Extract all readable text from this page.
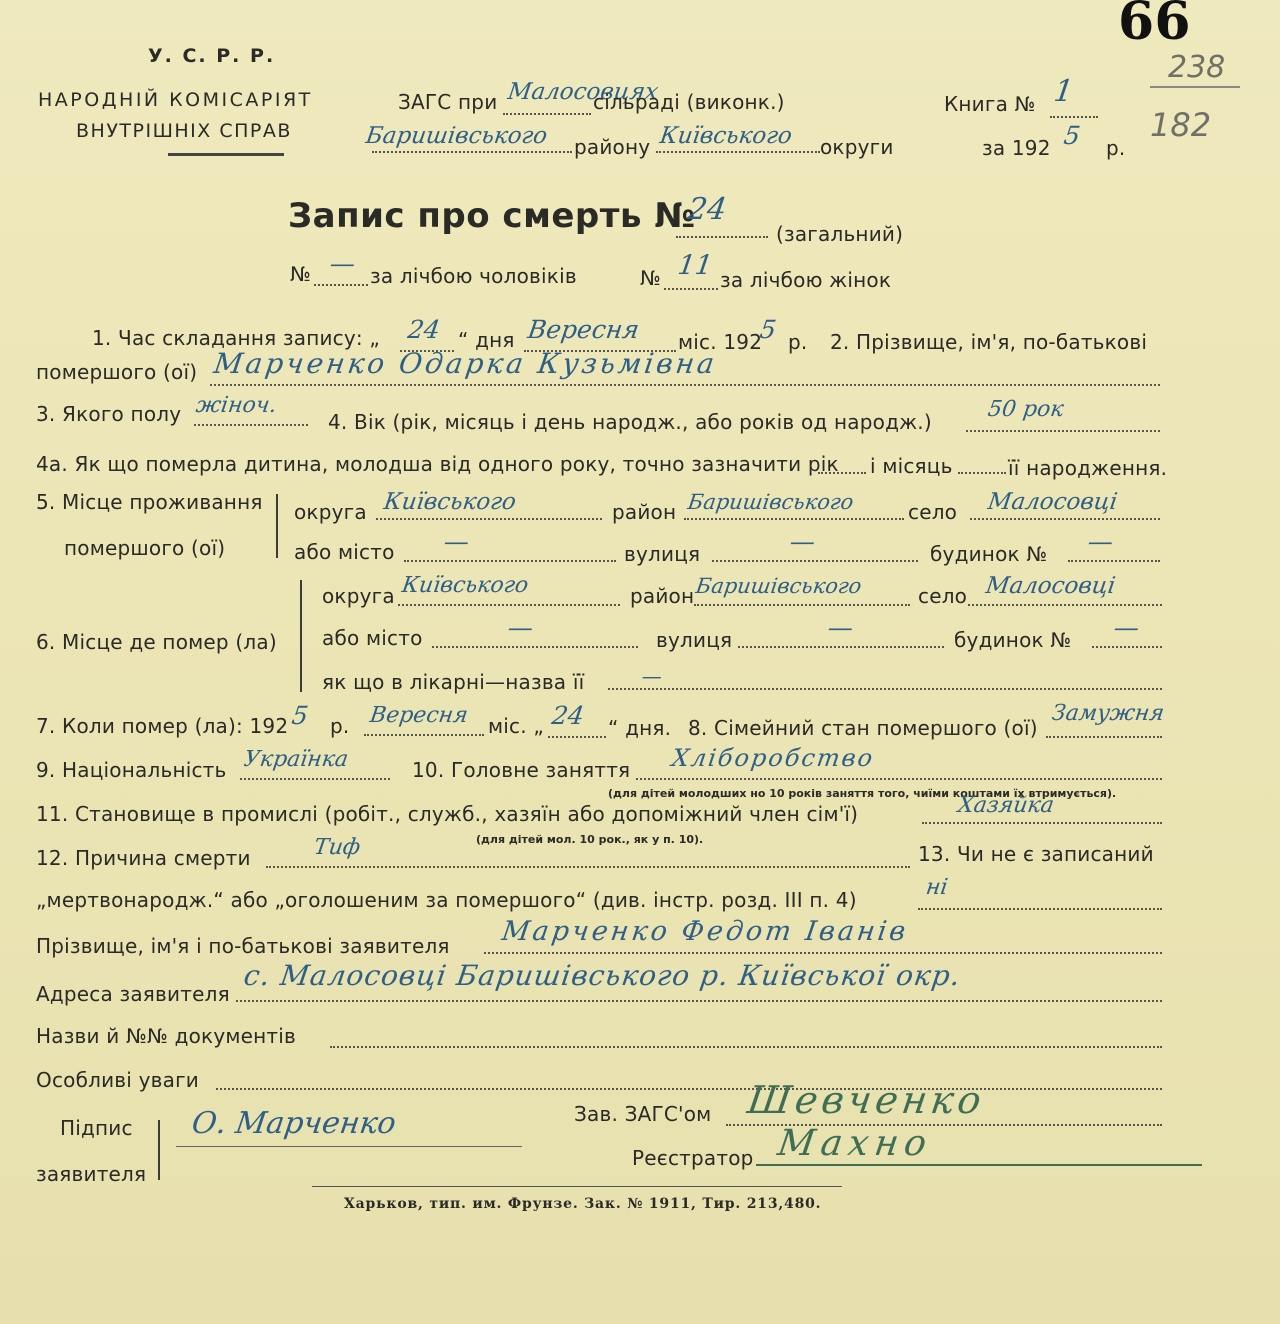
66
238
182
У. С. Р. Р.
НАРОДНІЙ КОМІСАРІЯТ
ВНУТРІШНІХ СПРАВ
ЗАГС при Малосовцях
сільраді (виконк.)	Книга № 1
Баришівського району Київського округи	за 192 5 р.
Запис про смерть №
24
(загальний)
№ — за лічбою чоловіків	№ 11 за лічбою жінок
1. Час складання запису: „ 24 “ дня Вересня міс. 192
5 р. 2. Прізвище, ім'я, по-батькові
помершого (ої) Марченко Одарка Кузьмівна
3. Якого полу жіноч.
4. Вік (рік, місяць і день народж., або років од народж.) 50 рок
4а. Як що померла дитина, молодша від одного року, точно зазначити рік і місяць	її народження.
5. Місце проживання
помершого (ої)
округа Київського	район Баришівського	село Малосовці
або місто —	вулиця	—	будинок № —
6. Місце де помер (ла)
округа Київського	район Баришівського	село Малосовці
або місто	—	вулиця	—	будинок № —
як що в лікарні—назва її	—
7. Коли помер (ла): 192 5 р. Вересня міс. „ 24 “ дня. 8. Сімейний стан помершого (ої)
Замужня
9. Національність Українка	10. Головне заняття Хліборобство
(для дітей молодших но 10 років заняття того, чиїми коштами їх втримується).
11. Становище в промислі (робіт., служб., хазяїн або допоміжний член сім'ї)	Хазяйка
(для дітей мол. 10 рок., як у п. 10).
12. Причина смерти	Тиф	13. Чи не є записаний
„мертвонародж.“ або „оголошеним за помершого“ (див. інстр. розд. III п. 4)	ні
Прізвище, ім'я і по-батькові заявителя Марченко Федот Іванів
Адреса заявителя
с. Малосовці Баришівського р. Київської окр.
Назви й №№ документів
Особливі уваги
Підпис
заявителя
О. Марченко	Зав. ЗАГС'ом Шевченко
Реєстратор Махно
Харьков, тип. им. Фрунзе. Зак. № 1911, Тир. 213,480.
